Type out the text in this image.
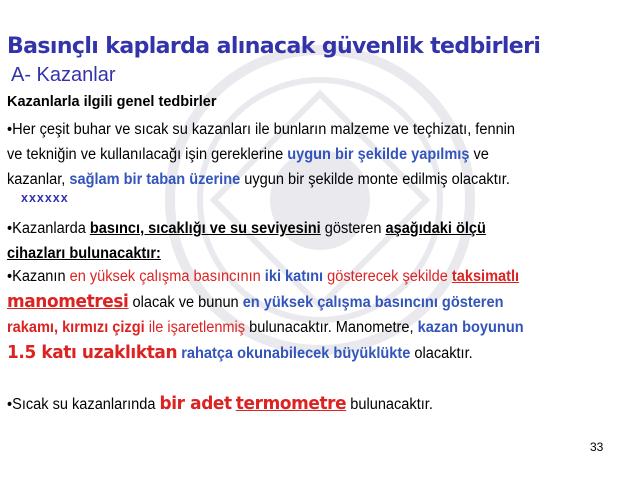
Basınçlı kaplarda alınacak güvenlik tedbirleri
A- Kazanlar
Kazanlarla ilgili genel tedbirler
•Her çeşit buhar ve sıcak su kazanları ile bunların malzeme ve teçhizatı, fennin
ve tekniğin ve kullanılacağı işin gereklerine uygun bir şekilde yapılmış ve
kazanlar, sağlam bir taban üzerine uygun bir şekilde monte edilmiş olacaktır.
xxxxxx
•Kazanlarda basıncı, sıcaklığı ve su seviyesini gösteren aşağıdaki ölçü
cihazları bulunacaktır:
•Kazanın en yüksek çalışma basıncının iki katını gösterecek şekilde taksimatlı
manometresi olacak ve bunun en yüksek çalışma basıncını gösteren
rakamı, kırmızı çizgi ile işaretlenmiş bulunacaktır. Manometre, kazan boyunun
1.5 katı uzaklıktan rahatça okunabilecek büyüklükte olacaktır.
•Sıcak su kazanlarında bir adet termometre bulunacaktır.
33
